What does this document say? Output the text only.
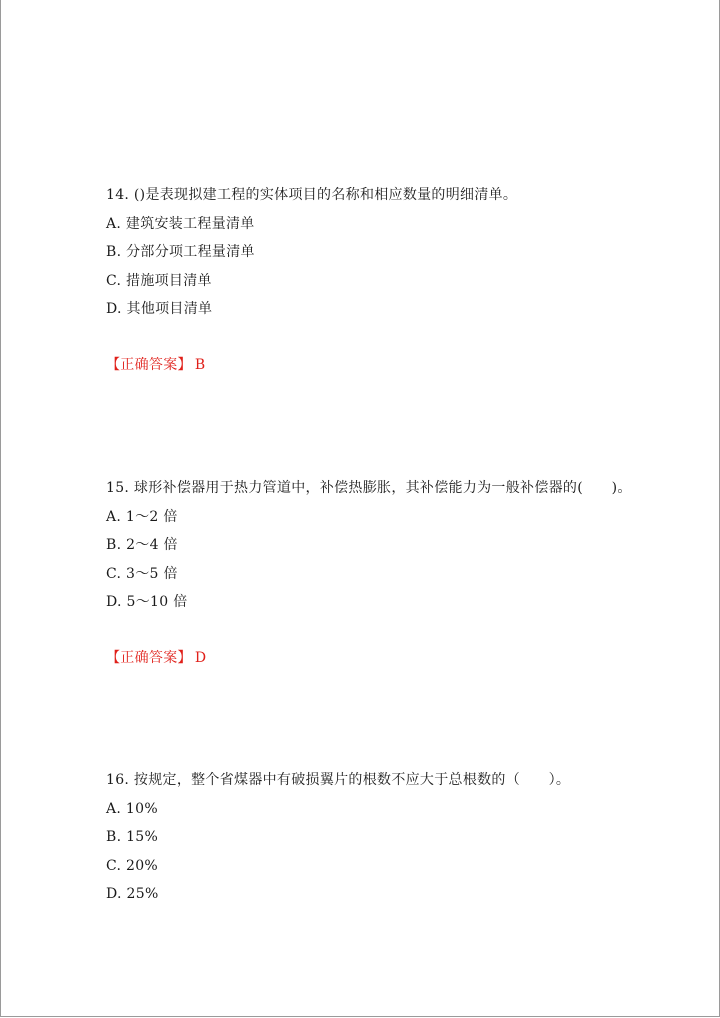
14. ()是表现拟建工程的实体项目的名称和相应数量的明细清单。
A. 建筑安装工程量清单
B. 分部分项工程量清单
C. 措施项目清单
D. 其他项目清单
【正确答案】 B
15. 球形补偿器用于热力管道中，补偿热膨胀，其补偿能力为一般补偿器的(　　)。
A. 1～2 倍
B. 2～4 倍
C. 3～5 倍
D. 5～10 倍
【正确答案】 D
16. 按规定，整个省煤器中有破损翼片的根数不应大于总根数的（　　）。
A. 10%
B. 15%
C. 20%
D. 25%
